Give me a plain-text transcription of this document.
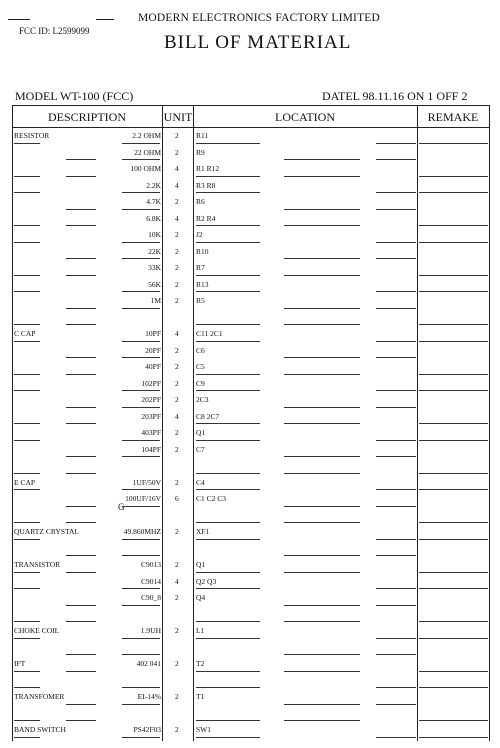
FCC ID: L2599099
MODERN ELECTRONICS FACTORY LIMITED
BILL OF MATERIAL
MODEL WT-100 (FCC)	DATEL 98.11.16 ON 1 OFF 2
DESCRIPTION	UNIT	LOCATION	REMAKE
RESISTOR	2.2 OHM 2 R11
22 OHM 2 R9
100 OHM 4 R1 R12
2.2K 4 R3 R8
4.7K 2 R6
6.8K 4 R2 R4
10K 2 J2
22K 2 R10
33K 2 R7
56K 2 R13
1M 2 R5
C CAP	10PF 4 C11 2C1
20PF 2 C6
40PF 2 C5
102PF 2 C9
202PF 2 2C3
203PF 4 C8 2C7
403PF 2 Q1
104PF 2 C7
E CAP	1UF/50V 2 C4
100UF/16V 6 C1 C2 C3
QUARTZ CRYSTAL	49.860MHZ 2 XF1
TRANSISTOR	C9013 2 Q1
C9014 4 Q2 Q3
C90_8 2 Q4
CHOKE COIL	1.9UH 2 L1
IFT	402 041 2 T2
TRANSFOMER	EI-14% 2 T1
BAND SWITCH	PS42F03 2 SW1
G
